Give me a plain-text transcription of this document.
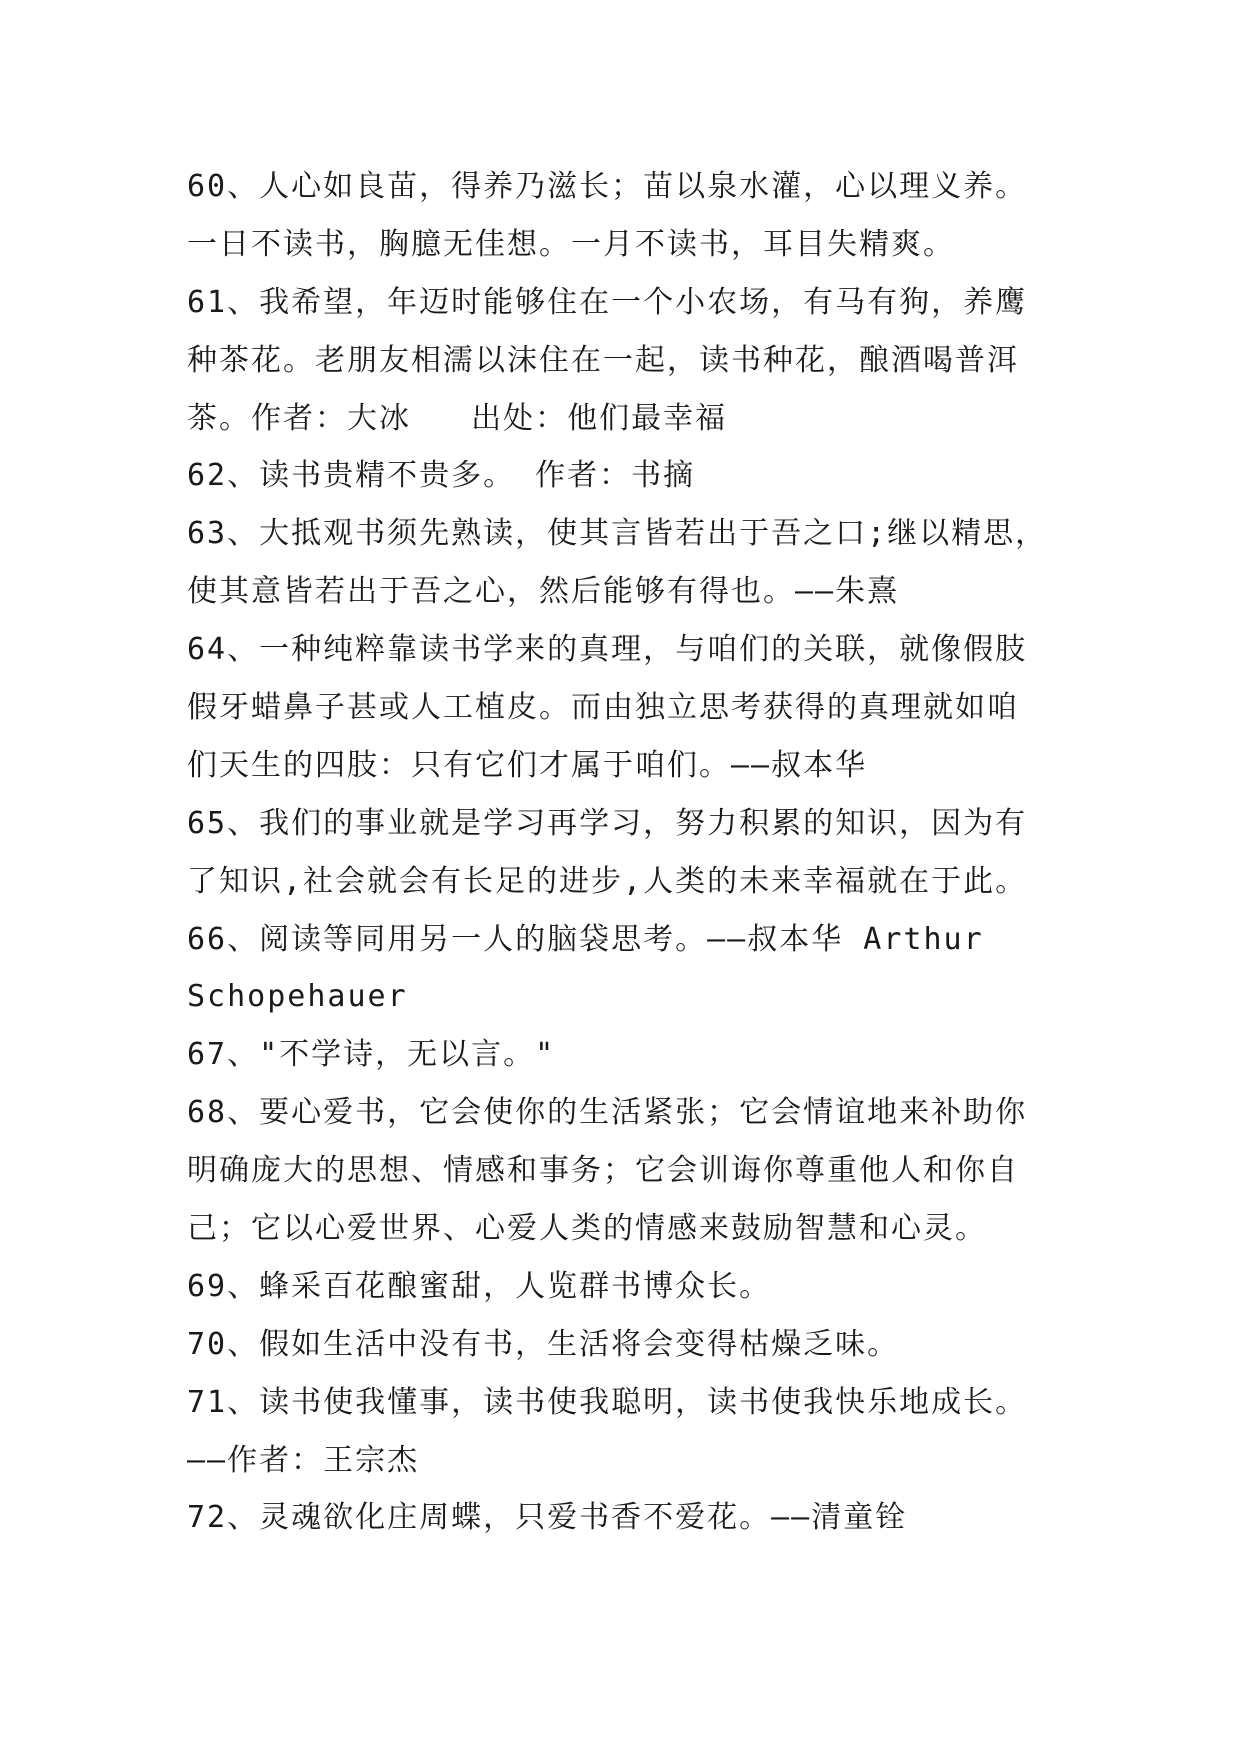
60、人心如良苗，得养乃滋长；苗以泉水灌，心以理义养。
一日不读书，胸臆无佳想。一月不读书，耳目失精爽。
61、我希望，年迈时能够住在一个小农场，有马有狗，养鹰
种茶花。老朋友相濡以沫住在一起，读书种花，酿酒喝普洱
茶。作者：大冰   出处：他们最幸福
62、读书贵精不贵多。 作者：书摘
63、大抵观书须先熟读，使其言皆若出于吾之口;继以精思，
使其意皆若出于吾之心，然后能够有得也。——朱熹
64、一种纯粹靠读书学来的真理，与咱们的关联，就像假肢
假牙蜡鼻子甚或人工植皮。而由独立思考获得的真理就如咱
们天生的四肢：只有它们才属于咱们。——叔本华
65、我们的事业就是学习再学习，努力积累的知识，因为有
了知识,社会就会有长足的进步,人类的未来幸福就在于此。
66、阅读等同用另一人的脑袋思考。——叔本华 Arthur
Schopehauer
67、"不学诗，无以言。"
68、要心爱书，它会使你的生活紧张；它会情谊地来补助你
明确庞大的思想、情感和事务；它会训诲你尊重他人和你自
己；它以心爱世界、心爱人类的情感来鼓励智慧和心灵。
69、蜂采百花酿蜜甜，人览群书博众长。
70、假如生活中没有书，生活将会变得枯燥乏味。
71、读书使我懂事，读书使我聪明，读书使我快乐地成长。
——作者：王宗杰
72、灵魂欲化庄周蝶，只爱书香不爱花。——清童铨
